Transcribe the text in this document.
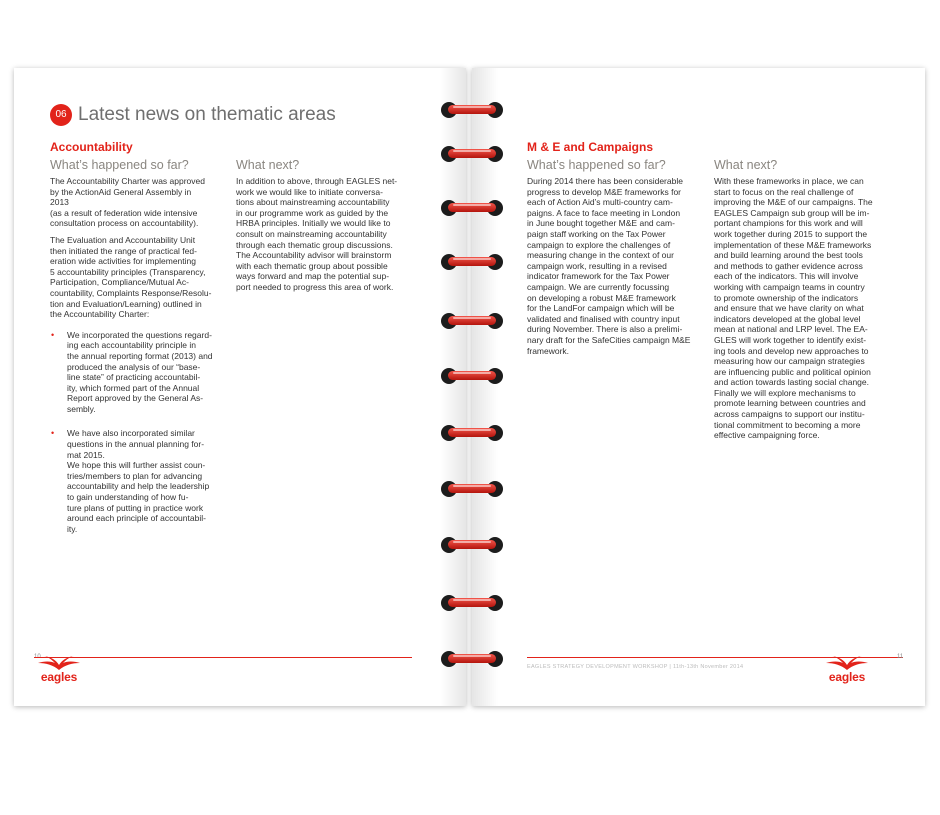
06 Latest news on thematic areas
Accountability
What’s happened so far?

The Accountability Charter was approved
by the ActionAid General Assembly in
2013
(as a result of federation wide intensive
consultation process on accountability).

The Evaluation and Accountability Unit
then initiated the range of practical fed-
eration wide activities for implementing
5 accountability principles (Transparency,
Participation, Compliance/Mutual Ac-
countability, Complaints Response/Resolu-
tion and Evaluation/Learning) outlined in
the Accountability Charter:

• We incorporated the questions regard-
ing each accountability principle in
the annual reporting format (2013) and
produced the analysis of our “base-
line state” of practicing accountabil-
ity, which formed part of the Annual
Report approved by the General As-
sembly.
• We have also incorporated similar
questions in the annual planning for-
mat 2015.
We hope this will further assist coun-
tries/members to plan for advancing
accountability and help the leadership
to gain understanding of how fu-
ture plans of putting in practice work
around each principle of accountabil-
ity.
What next?

In addition to above, through EAGLES net-
work we would like to initiate conversa-
tions about mainstreaming accountability
in our programme work as guided by the
HRBA principles. Initially we would like to
consult on mainstreaming accountability
through each thematic group discussions.
The Accountability advisor will brainstorm
with each thematic group about possible
ways forward and map the potential sup-
port needed to progress this area of work.

eagles
M & E and Campaigns
What’s happened so far?

During 2014 there has been considerable
progress to develop M&E frameworks for
each of Action Aid’s multi-country cam-
paigns. A face to face meeting in London
in June bought together M&E and cam-
paign staff working on the Tax Power
campaign to explore the challenges of
measuring change in the context of our
campaign work, resulting in a revised
indicator framework for the Tax Power
campaign. We are currently focussing
on developing a robust M&E framework
for the LandFor campaign which will be
validated and finalised with country input
during November. There is also a prelimi-
nary draft for the SafeCities campaign M&E
framework.

What next?

With these frameworks in place, we can
start to focus on the real challenge of
improving the M&E of our campaigns. The
EAGLES Campaign sub group will be im-
portant champions for this work and will
work together during 2015 to support the
implementation of these M&E frameworks
and build learning around the best tools
and methods to gather evidence across
each of the indicators. This will involve
working with campaign teams in country
to promote ownership of the indicators
and ensure that we have clarity on what
indicators developed at the global level
mean at national and LRP level. The EA-
GLES will work together to identify exist-
ing tools and develop new approaches to
measuring how our campaign strategies
are influencing public and political opinion
and action towards lasting social change.
Finally we will explore mechanisms to
promote learning between countries and
across campaigns to support our institu-
tional commitment to becoming a more
effective campaigning force.

11
EAGLES STRATEGY DEVELOPMENT WORKSHOP | 11th-13th November 2014
eagles
